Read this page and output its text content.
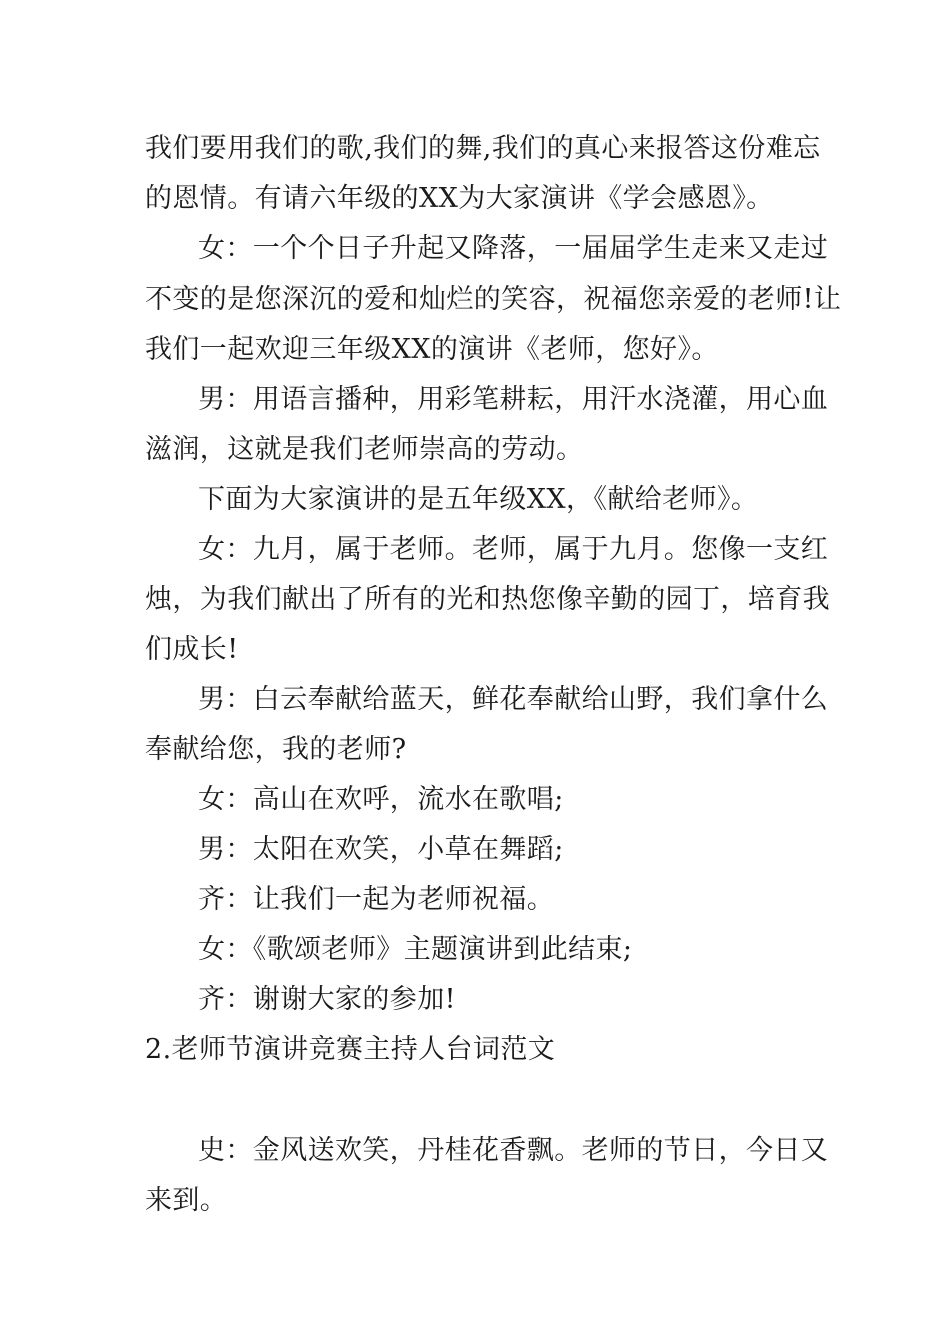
我们要用我们的歌,我们的舞,我们的真心来报答这份难忘
的恩情。有请六年级的XX为大家演讲《学会感恩》。
女：一个个日子升起又降落，一届届学生走来又走过
不变的是您深沉的爱和灿烂的笑容，祝福您亲爱的老师!让
我们一起欢迎三年级XX的演讲《老师，您好》。
男：用语言播种，用彩笔耕耘，用汗水浇灌，用心血
滋润，这就是我们老师崇高的劳动。
下面为大家演讲的是五年级XX，《献给老师》。
女：九月，属于老师。老师，属于九月。您像一支红
烛，为我们献出了所有的光和热您像辛勤的园丁，培育我
们成长!
男：白云奉献给蓝天，鲜花奉献给山野，我们拿什么
奉献给您，我的老师?
女：高山在欢呼，流水在歌唱;
男：太阳在欢笑，小草在舞蹈;
齐：让我们一起为老师祝福。
女：《歌颂老师》主题演讲到此结束;
齐：谢谢大家的参加!
2.老师节演讲竞赛主持人台词范文
史：金风送欢笑，丹桂花香飘。老师的节日，今日又
来到。
